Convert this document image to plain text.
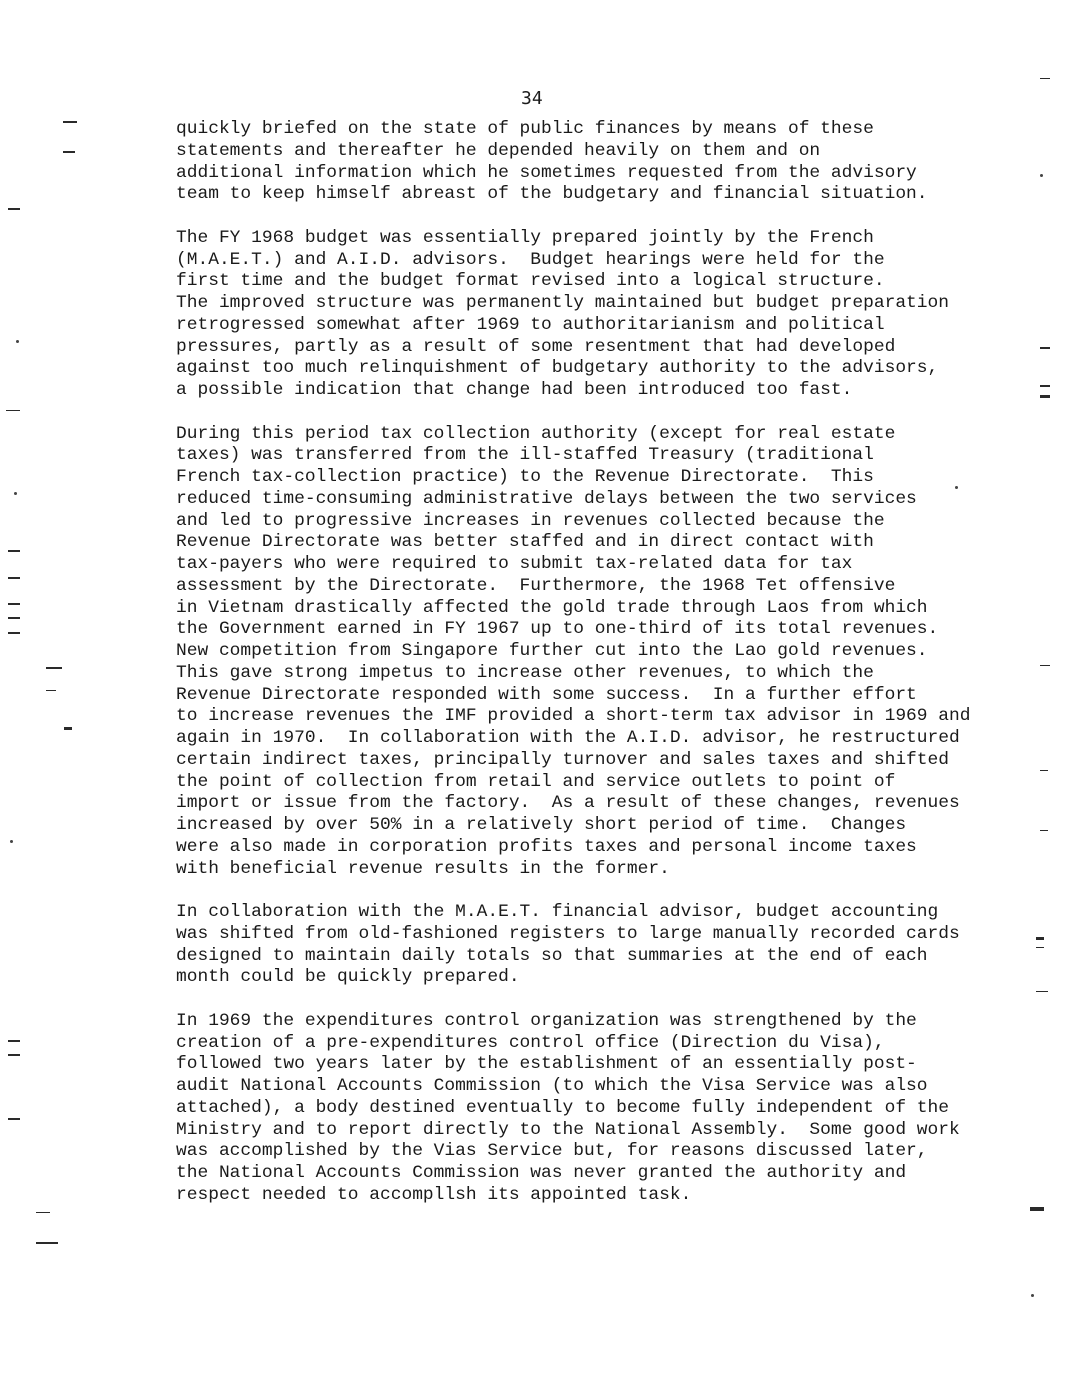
34

quickly briefed on the state of public finances by means of these
statements and thereafter he depended heavily on them and on
additional information which he sometimes requested from the advisory
team to keep himself abreast of the budgetary and financial situation.

The FY 1968 budget was essentially prepared jointly by the French
(M.A.E.T.) and A.I.D. advisors.  Budget hearings were held for the
first time and the budget format revised into a logical structure.
The improved structure was permanently maintained but budget preparation
retrogressed somewhat after 1969 to authoritarianism and political
pressures, partly as a result of some resentment that had developed
against too much relinquishment of budgetary authority to the advisors,
a possible indication that change had been introduced too fast.

During this period tax collection authority (except for real estate
taxes) was transferred from the ill-staffed Treasury (traditional
French tax-collection practice) to the Revenue Directorate.  This
reduced time-consuming administrative delays between the two services
and led to progressive increases in revenues collected because the
Revenue Directorate was better staffed and in direct contact with
tax-payers who were required to submit tax-related data for tax
assessment by the Directorate.  Furthermore, the 1968 Tet offensive
in Vietnam drastically affected the gold trade through Laos from which
the Government earned in FY 1967 up to one-third of its total revenues.
New competition from Singapore further cut into the Lao gold revenues.
This gave strong impetus to increase other revenues, to which the
Revenue Directorate responded with some success.  In a further effort
to increase revenues the IMF provided a short-term tax advisor in 1969 and
again in 1970.  In collaboration with the A.I.D. advisor, he restructured
certain indirect taxes, principally turnover and sales taxes and shifted
the point of collection from retail and service outlets to point of
import or issue from the factory.  As a result of these changes, revenues
increased by over 50% in a relatively short period of time.  Changes
were also made in corporation profits taxes and personal income taxes
with beneficial revenue results in the former.

In collaboration with the M.A.E.T. financial advisor, budget accounting
was shifted from old-fashioned registers to large manually recorded cards
designed to maintain daily totals so that summaries at the end of each
month could be quickly prepared.

In 1969 the expenditures control organization was strengthened by the
creation of a pre-expenditures control office (Direction du Visa),
followed two years later by the establishment of an essentially post-
audit National Accounts Commission (to which the Visa Service was also
attached), a body destined eventually to become fully independent of the
Ministry and to report directly to the National Assembly.  Some good work
was accomplished by the Vias Service but, for reasons discussed later,
the National Accounts Commission was never granted the authority and
respect needed to accompllsh its appointed task.
